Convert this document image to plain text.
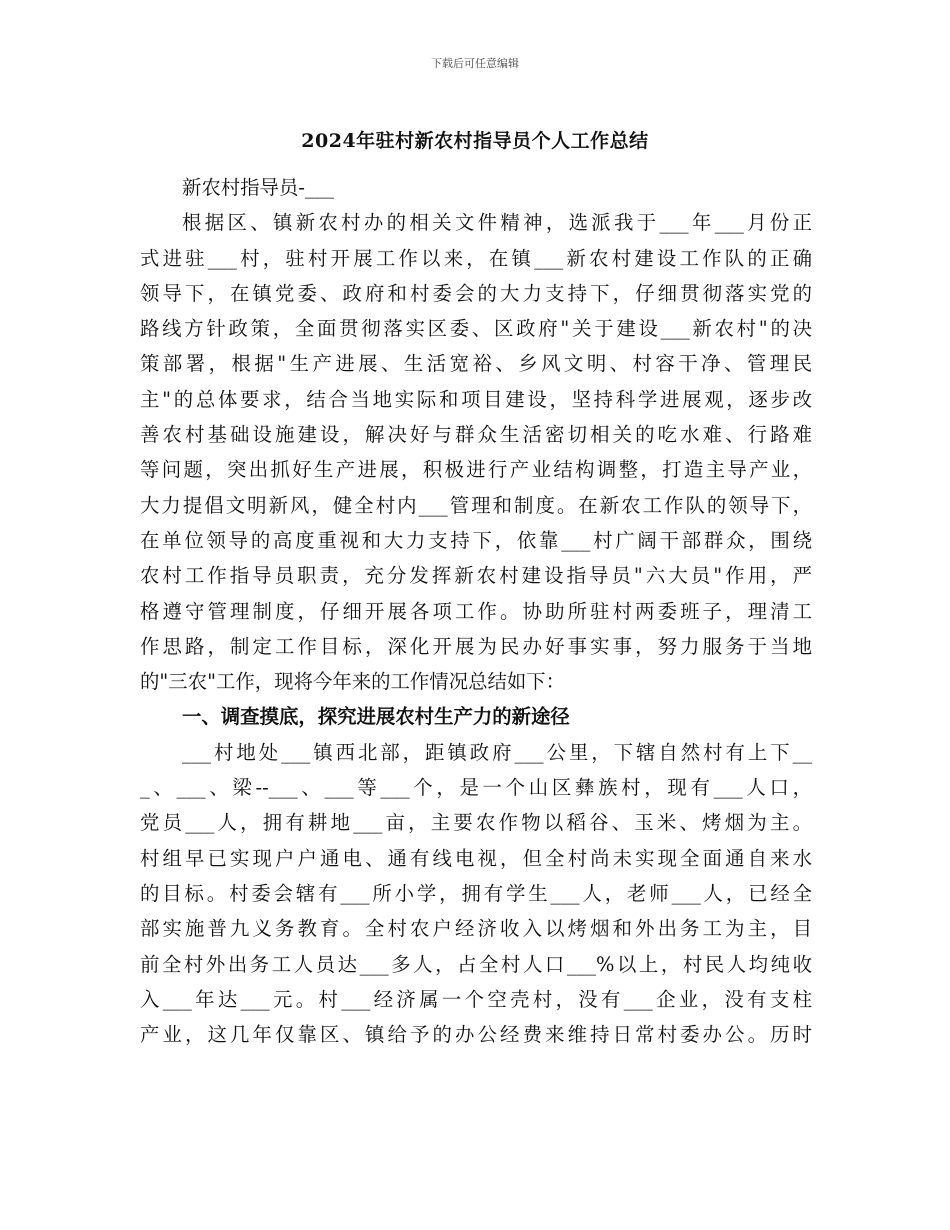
下载后可任意编辑
2024年驻村新农村指导员个人工作总结
新农村指导员-___
根据区、镇新农村办的相关文件精神，选派我于___年___月份正
式进驻___村，驻村开展工作以来，在镇___新农村建设工作队的正确
领导下，在镇党委、政府和村委会的大力支持下，仔细贯彻落实党的
路线方针政策，全面贯彻落实区委、区政府"关于建设___新农村"的决
策部署，根据"生产进展、生活宽裕、乡风文明、村容干净、管理民
主"的总体要求，结合当地实际和项目建设，坚持科学进展观，逐步改
善农村基础设施建设，解决好与群众生活密切相关的吃水难、行路难
等问题，突出抓好生产进展，积极进行产业结构调整，打造主导产业，
大力提倡文明新风，健全村内___管理和制度。在新农工作队的领导下，
在单位领导的高度重视和大力支持下，依靠___村广阔干部群众，围绕
农村工作指导员职责，充分发挥新农村建设指导员"六大员"作用，严
格遵守管理制度，仔细开展各项工作。协助所驻村两委班子，理清工
作思路，制定工作目标，深化开展为民办好事实事，努力服务于当地
的"三农"工作，现将今年来的工作情况总结如下：
一、调查摸底，探究进展农村生产力的新途径
___村地处___镇西北部，距镇政府___公里，下辖自然村有上下__
_、___、梁--___、___等___个，是一个山区彝族村，现有___人口，
党员___人，拥有耕地___亩，主要农作物以稻谷、玉米、烤烟为主。
村组早已实现户户通电、通有线电视，但全村尚未实现全面通自来水
的目标。村委会辖有___所小学，拥有学生___人，老师___人，已经全
部实施普九义务教育。全村农户经济收入以烤烟和外出务工为主，目
前全村外出务工人员达___多人，占全村人口___%以上，村民人均纯收
入___年达___元。村___经济属一个空壳村，没有___企业，没有支柱
产业，这几年仅靠区、镇给予的办公经费来维持日常村委办公。历时
